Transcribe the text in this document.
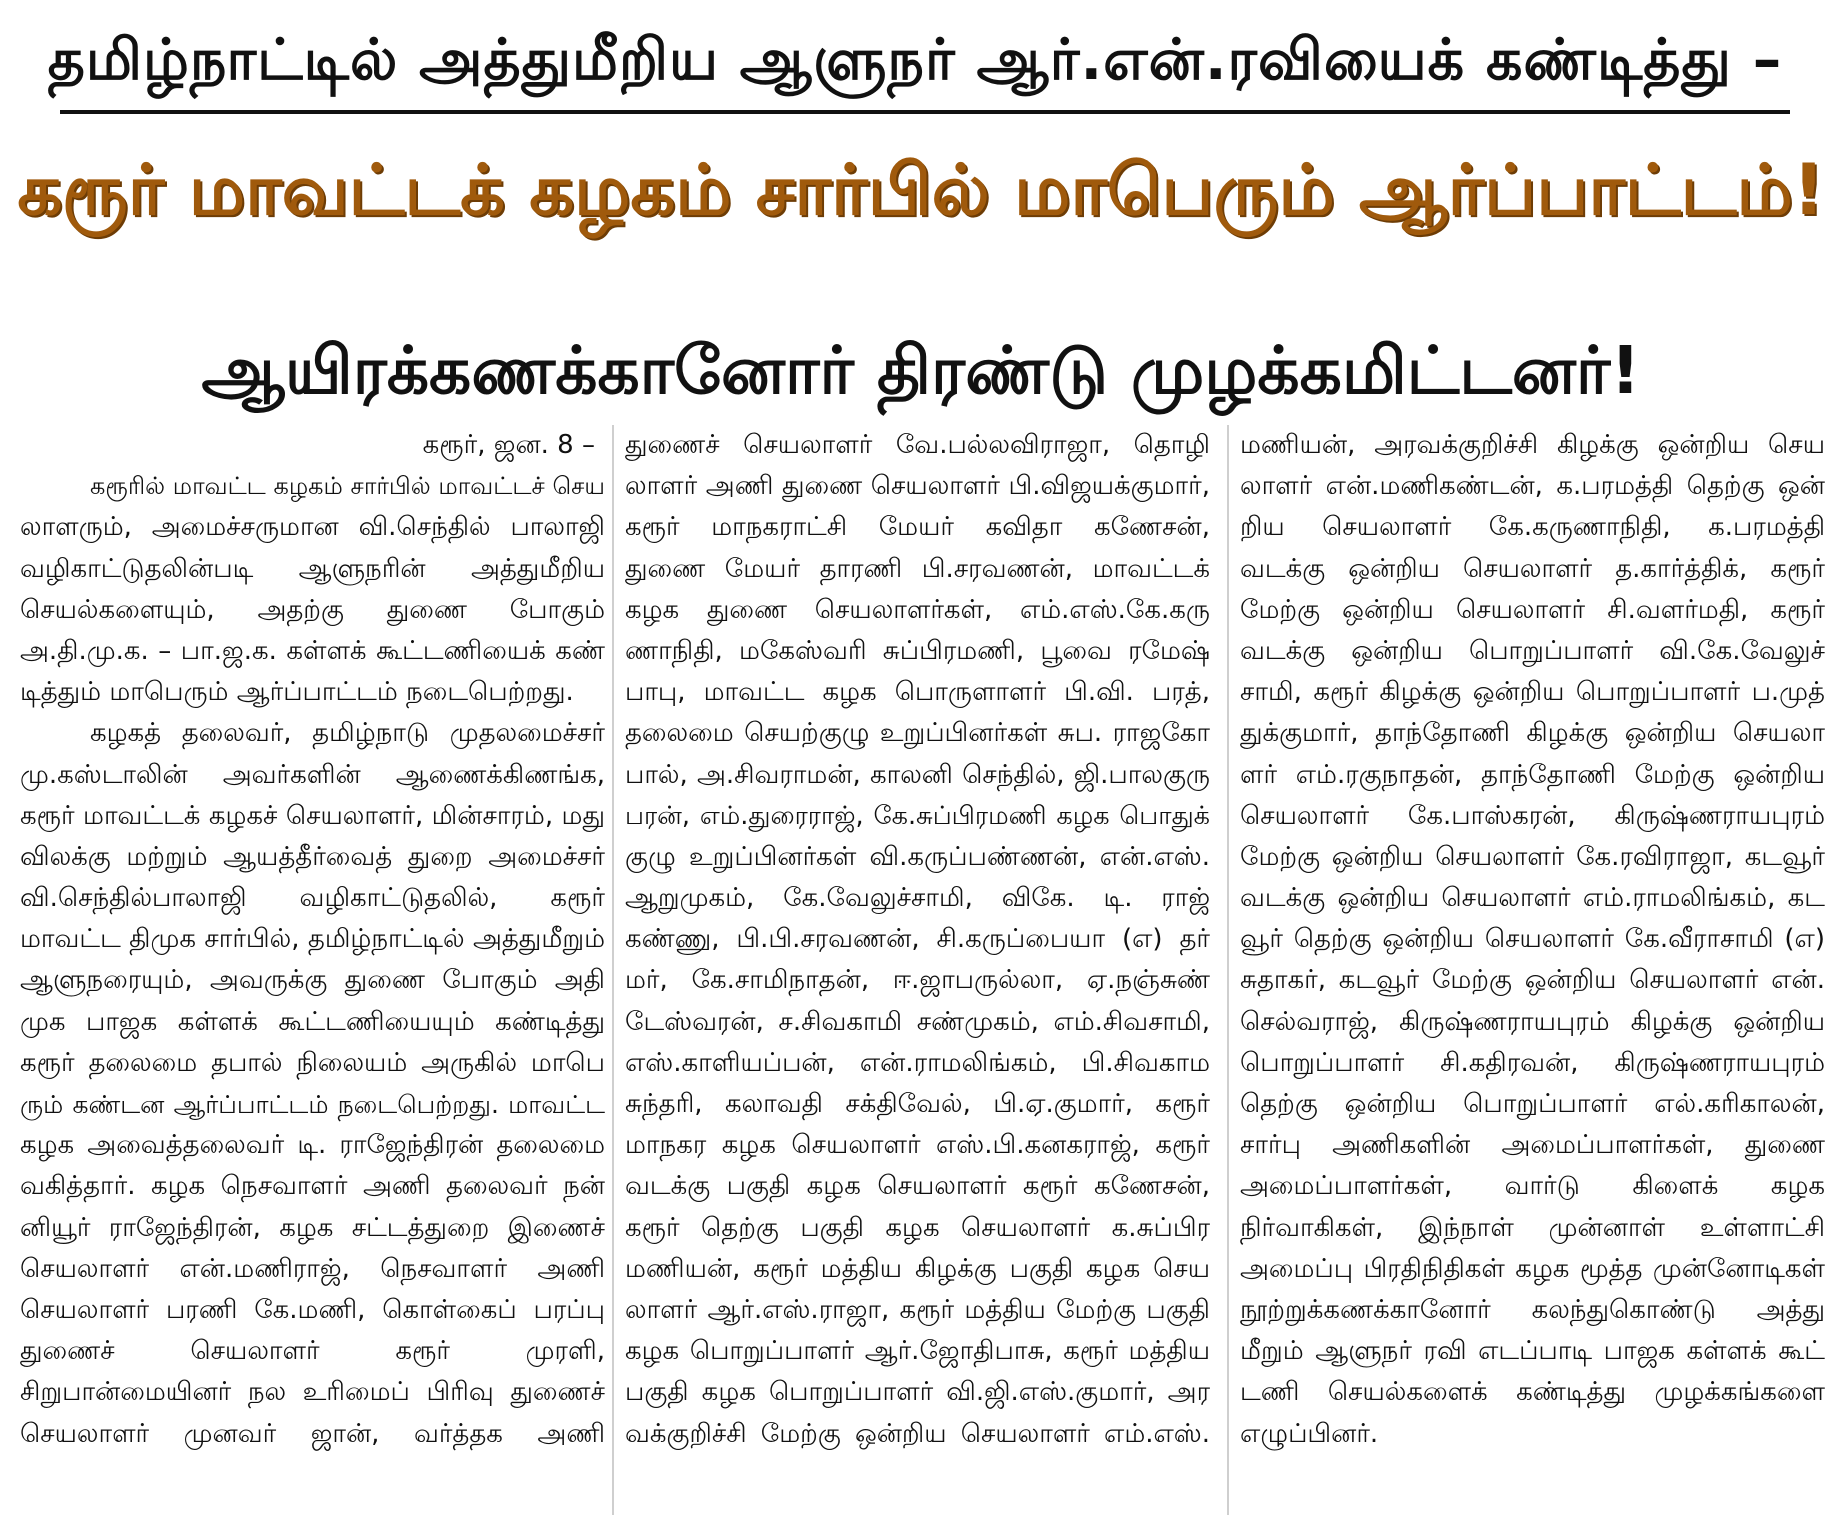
தமிழ்நாட்டில் அத்துமீறிய ஆளுநர் ஆர்.என்.ரவியைக் கண்டித்து –
கரூர் மாவட்டக் கழகம் சார்பில் மாபெரும் ஆர்ப்பாட்டம்!
ஆயிரக்கணக்கானோர் திரண்டு முழக்கமிட்டனர்!
கரூர், ஜன. 8 –
கரூரில் மாவட்ட கழகம் சார்பில் மாவட்டச் செய
லாளரும், அமைச்சருமான வி.செந்தில் பாலாஜி
வழிகாட்டுதலின்படி ஆளுநரின் அத்துமீறிய
செயல்களையும், அதற்கு துணை போகும்
அ.தி.மு.க. – பா.ஜ.க. கள்ளக் கூட்டணியைக் கண்
டித்தும் மாபெரும் ஆர்ப்பாட்டம் நடைபெற்றது.
கழகத் தலைவர், தமிழ்நாடு முதலமைச்சர்
மு.கஸ்டாலின் அவர்களின் ஆணைக்கிணங்க,
கரூர் மாவட்டக் கழகச் செயலாளர், மின்சாரம், மது
விலக்கு மற்றும் ஆயத்தீர்வைத் துறை அமைச்சர்
வி.செந்தில்பாலாஜி வழிகாட்டுதலில், கரூர்
மாவட்ட திமுக சார்பில், தமிழ்நாட்டில் அத்துமீறும்
ஆளுநரையும், அவருக்கு துணை போகும் அதி
முக பாஜக கள்ளக் கூட்டணியையும் கண்டித்து
கரூர் தலைமை தபால் நிலையம் அருகில் மாபெ
ரும் கண்டன ஆர்ப்பாட்டம் நடைபெற்றது. மாவட்ட
கழக அவைத்தலைவர் டி. ராஜேந்திரன் தலைமை
வகித்தார். கழக நெசவாளர் அணி தலைவர் நன்
னியூர் ராஜேந்திரன், கழக சட்டத்துறை இணைச்
செயலாளர் என்.மணிராஜ், நெசவாளர் அணி
செயலாளர் பரணி கே.மணி, கொள்கைப் பரப்பு
துணைச் செயலாளர் கரூர் முரளி,
சிறுபான்மையினர் நல உரிமைப் பிரிவு துணைச்
செயலாளர் முனவர் ஜான், வர்த்தக அணி
துணைச் செயலாளர் வே.பல்லவிராஜா, தொழி
லாளர் அணி துணை செயலாளர் பி.விஜயக்குமார்,
கரூர் மாநகராட்சி மேயர் கவிதா கணேசன்,
துணை மேயர் தாரணி பி.சரவணன், மாவட்டக்
கழக துணை செயலாளர்கள், எம்.எஸ்.கே.கரு
ணாநிதி, மகேஸ்வரி சுப்பிரமணி, பூவை ரமேஷ்
பாபு, மாவட்ட கழக பொருளாளர் பி.வி. பரத்,
தலைமை செயற்குழு உறுப்பினர்கள் சுப. ராஜகோ
பால், அ.சிவராமன், காலனி செந்தில், ஜி.பாலகுரு
பரன், எம்.துரைராஜ், கே.சுப்பிரமணி கழக பொதுக்
குழு உறுப்பினர்கள் வி.கருப்பண்ணன், என்.எஸ்.
ஆறுமுகம், கே.வேலுச்சாமி, விகே. டி. ராஜ்
கண்ணு, பி.பி.சரவணன், சி.கருப்பையா (எ) தர்
மர், கே.சாமிநாதன், ஈ.ஜாபருல்லா, ஏ.நஞ்சுண்
டேஸ்வரன், ச.சிவகாமி சண்முகம், எம்.சிவசாமி,
எஸ்.காளியப்பன், என்.ராமலிங்கம், பி.சிவகாம
சுந்தரி, கலாவதி சக்திவேல், பி.ஏ.குமார், கரூர்
மாநகர கழக செயலாளர் எஸ்.பி.கனகராஜ், கரூர்
வடக்கு பகுதி கழக செயலாளர் கரூர் கணேசன்,
கரூர் தெற்கு பகுதி கழக செயலாளர் க.சுப்பிர
மணியன், கரூர் மத்திய கிழக்கு பகுதி கழக செய
லாளர் ஆர்.எஸ்.ராஜா, கரூர் மத்திய மேற்கு பகுதி
கழக பொறுப்பாளர் ஆர்.ஜோதிபாசு, கரூர் மத்திய
பகுதி கழக பொறுப்பாளர் வி.ஜி.எஸ்.குமார், அர
வக்குறிச்சி மேற்கு ஒன்றிய செயலாளர் எம்.எஸ்.
மணியன், அரவக்குறிச்சி கிழக்கு ஒன்றிய செய
லாளர் என்.மணிகண்டன், க.பரமத்தி தெற்கு ஒன்
றிய செயலாளர் கே.கருணாநிதி, க.பரமத்தி
வடக்கு ஒன்றிய செயலாளர் த.கார்த்திக், கரூர்
மேற்கு ஒன்றிய செயலாளர் சி.வளர்மதி, கரூர்
வடக்கு ஒன்றிய பொறுப்பாளர் வி.கே.வேலுச்
சாமி, கரூர் கிழக்கு ஒன்றிய பொறுப்பாளர் ப.முத்
துக்குமார், தாந்தோணி கிழக்கு ஒன்றிய செயலா
ளர் எம்.ரகுநாதன், தாந்தோணி மேற்கு ஒன்றிய
செயலாளர் கே.பாஸ்கரன், கிருஷ்ணராயபுரம்
மேற்கு ஒன்றிய செயலாளர் கே.ரவிராஜா, கடவூர்
வடக்கு ஒன்றிய செயலாளர் எம்.ராமலிங்கம், கட
வூர் தெற்கு ஒன்றிய செயலாளர் கே.வீராசாமி (எ)
சுதாகர், கடவூர் மேற்கு ஒன்றிய செயலாளர் என்.
செல்வராஜ், கிருஷ்ணராயபுரம் கிழக்கு ஒன்றிய
பொறுப்பாளர் சி.கதிரவன், கிருஷ்ணராயபுரம்
தெற்கு ஒன்றிய பொறுப்பாளர் எல்.கரிகாலன்,
சார்பு அணிகளின் அமைப்பாளர்கள், துணை
அமைப்பாளர்கள், வார்டு கிளைக் கழக
நிர்வாகிகள், இந்நாள் முன்னாள் உள்ளாட்சி
அமைப்பு பிரதிநிதிகள் கழக மூத்த முன்னோடிகள்
நூற்றுக்கணக்கானோர் கலந்துகொண்டு அத்து
மீறும் ஆளுநர் ரவி எடப்பாடி பாஜக கள்ளக் கூட்
டணி செயல்களைக் கண்டித்து முழக்கங்களை
எழுப்பினர்.
